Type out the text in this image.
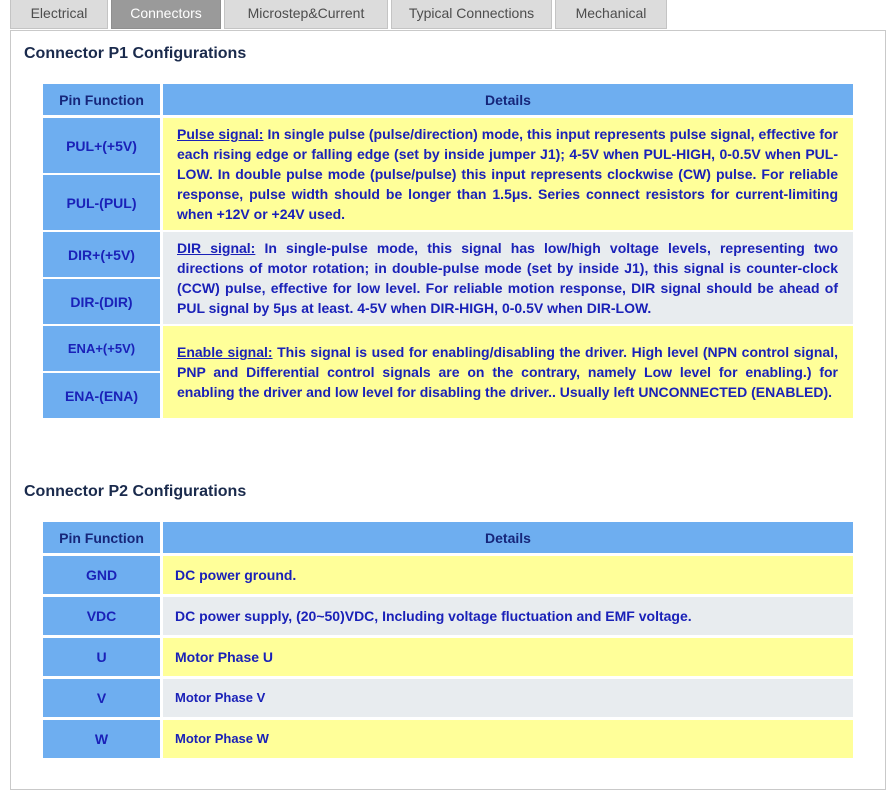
Electrical	Connectors	Microstep&Current	Typical Connections	Mechanical
Connector P1 Configurations
Pin Function	Details
PUL+(+5V)	Pulse signal: In single pulse (pulse/direction) mode, this input represents pulse signal, effective for each rising edge or falling edge (set by inside jumper J1); 4-5V when PUL-HIGH, 0-0.5V when PUL-LOW. In double pulse mode (pulse/pulse) this input represents clockwise (CW) pulse. For reliable response, pulse width should be longer than 1.5μs. Series connect resistors for current-limiting when +12V or +24V used.
PUL-(PUL)	
DIR+(+5V)	DIR signal: In single-pulse mode, this signal has low/high voltage levels, representing two directions of motor rotation; in double-pulse mode (set by inside J1), this signal is counter-clock (CCW) pulse, effective for low level. For reliable motion response, DIR signal should be ahead of PUL signal by 5μs at least. 4-5V when DIR-HIGH, 0-0.5V when DIR-LOW.
DIR-(DIR)	
ENA+(+5V)	Enable signal: This signal is used for enabling/disabling the driver. High level (NPN control signal, PNP and Differential control signals are on the contrary, namely Low level for enabling.) for enabling the driver and low level for disabling the driver.. Usually left UNCONNECTED (ENABLED).
ENA-(ENA)	
Connector P2 Configurations
Pin Function	Details
GND	DC power ground.
VDC	DC power supply, (20~50)VDC, Including voltage fluctuation and EMF voltage.
U	Motor Phase U
V	Motor Phase V
W	Motor Phase W
